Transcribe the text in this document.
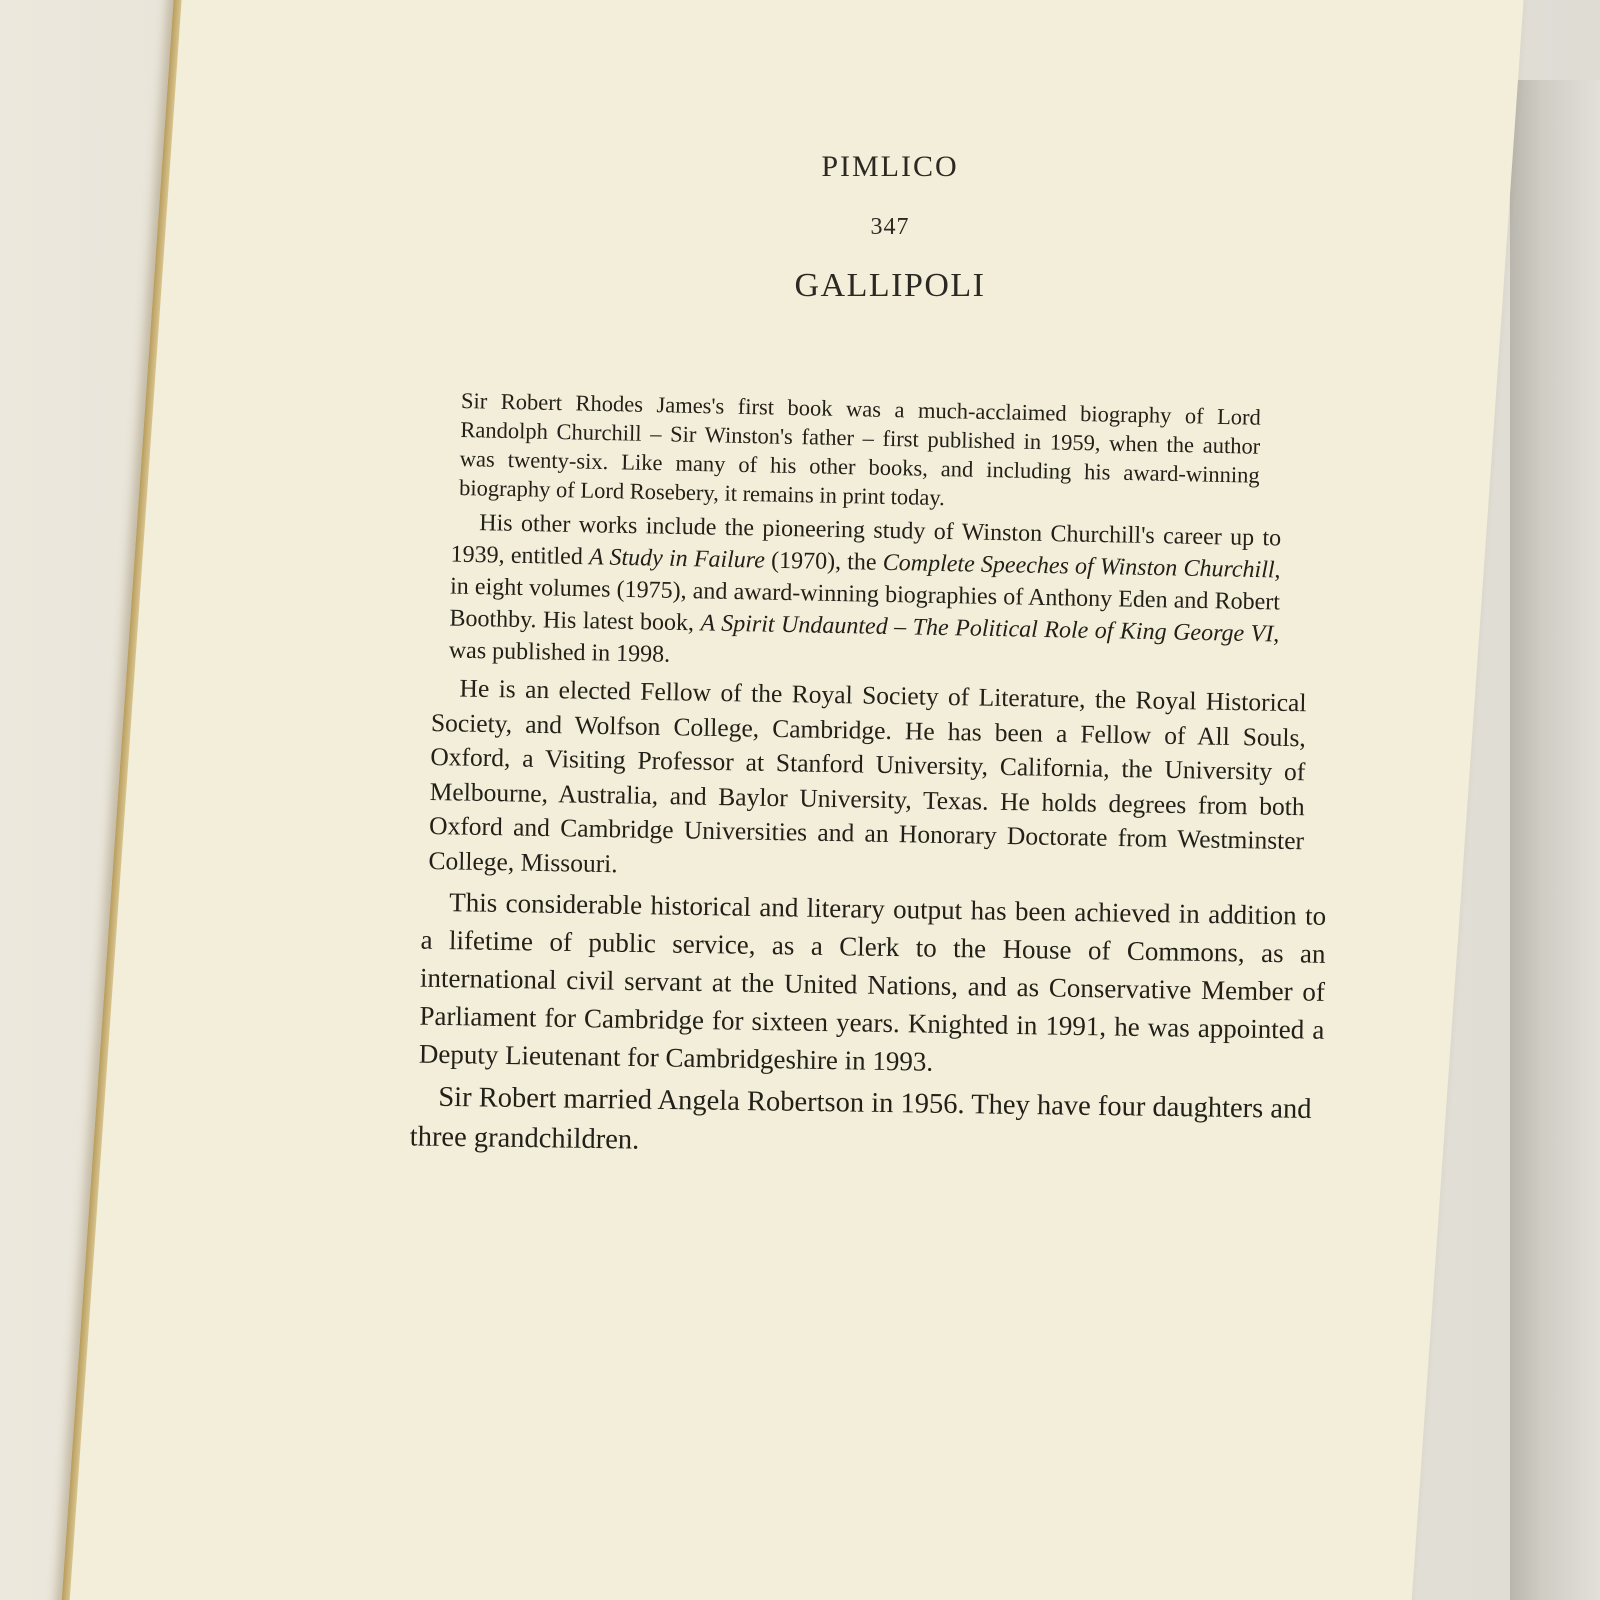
PIMLICO
347
GALLIPOLI

Sir Robert Rhodes James's first book was a much-acclaimed biography of Lord Randolph Churchill – Sir Winston's father – first published in 1959, when the author was twenty-six. Like many of his other books, and including his award-winning biography of Lord Rosebery, it remains in print today.

His other works include the pioneering study of Winston Churchill's career up to 1939, entitled A Study in Failure (1970), the Complete Speeches of Winston Churchill, in eight volumes (1975), and award-winning biographies of Anthony Eden and Robert Boothby. His latest book, A Spirit Undaunted – The Political Role of King George VI, was published in 1998.

He is an elected Fellow of the Royal Society of Literature, the Royal Historical Society, and Wolfson College, Cambridge. He has been a Fellow of All Souls, Oxford, a Visiting Professor at Stanford University, California, the University of Melbourne, Australia, and Baylor University, Texas. He holds degrees from both Oxford and Cambridge Universities and an Honorary Doctorate from Westminster College, Missouri.

This considerable historical and literary output has been achieved in addition to a lifetime of public service, as a Clerk to the House of Commons, as an international civil servant at the United Nations, and as Conservative Member of Parliament for Cambridge for sixteen years. Knighted in 1991, he was appointed a Deputy Lieutenant for Cambridgeshire in 1993.

Sir Robert married Angela Robertson in 1956. They have four daughters and three grandchildren.
